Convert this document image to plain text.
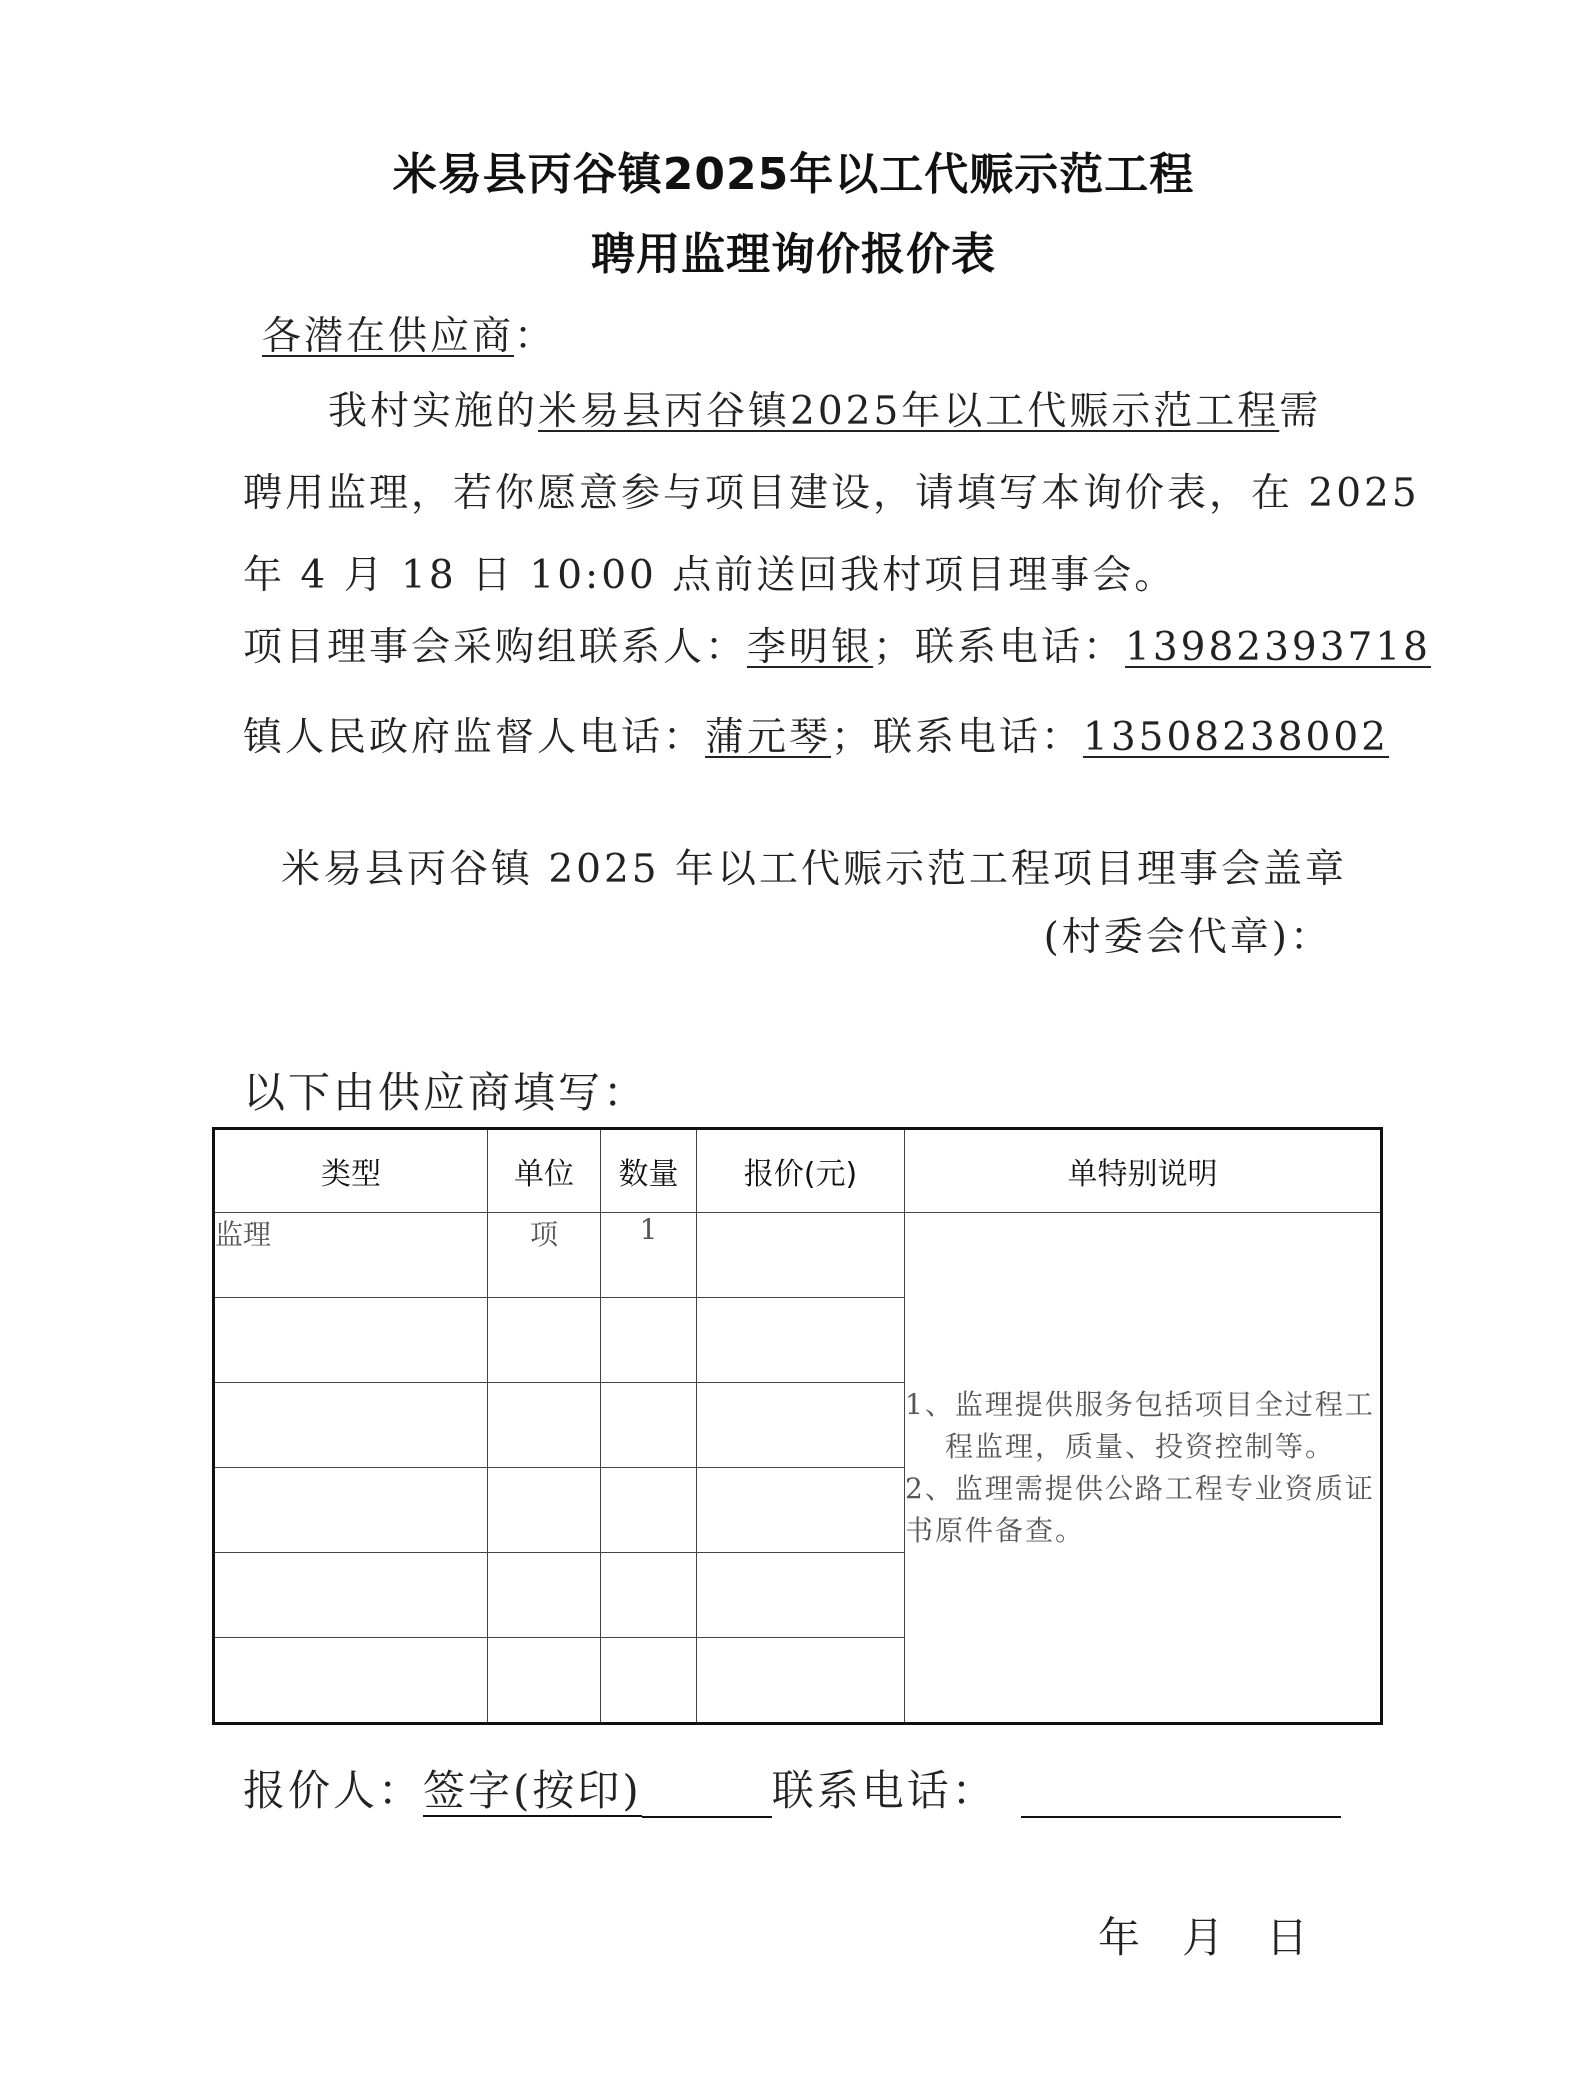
米易县丙谷镇2025年以工代赈示范工程
聘用监理询价报价表
各潜在供应商：
我村实施的米易县丙谷镇2025年以工代赈示范工程需
聘用监理，若你愿意参与项目建设，请填写本询价表，在 2025
年 4 月 18 日 10:00 点前送回我村项目理事会。
项目理事会采购组联系人：李明银；联系电话：13982393718
镇人民政府监督人电话：蒲元琴；联系电话：13508238002
米易县丙谷镇 2025 年以工代赈示范工程项目理事会盖章
(村委会代章)：
以下由供应商填写：
类型	单位	数量	报价(元)	单特别说明
监理	项	1		1、监理提供服务包括项目全过程工
程监理，质量、投资控制等。
2、监理需提供公路工程专业资质证
书原件备查。

报价人：签字(按印)	联系电话：
年 月 日
